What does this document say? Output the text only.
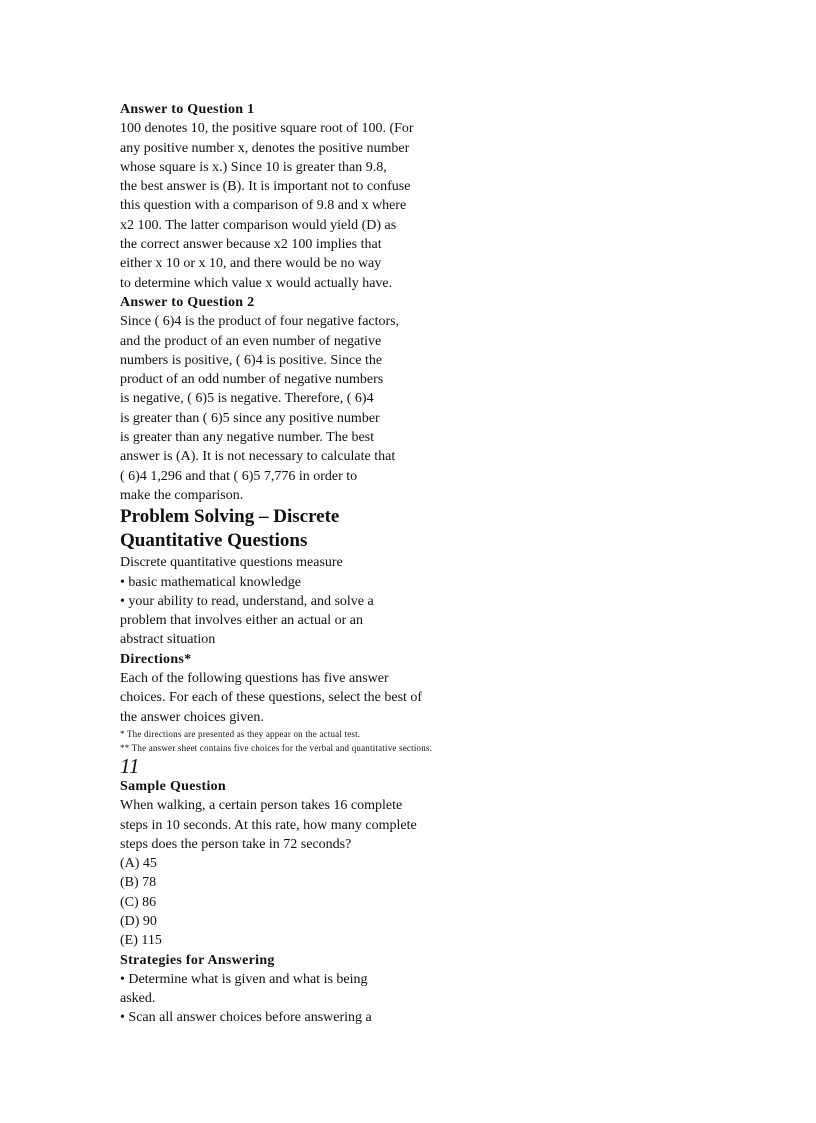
Answer to Question 1
100 denotes 10, the positive square root of 100. (For
any positive number x, denotes the positive number
whose square is x.) Since 10 is greater than 9.8,
the best answer is (B). It is important not to confuse
this question with a comparison of 9.8 and x where
x2 100. The latter comparison would yield (D) as
the correct answer because x2 100 implies that
either x 10 or x 10, and there would be no way
to determine which value x would actually have.
Answer to Question 2
Since ( 6)4 is the product of four negative factors,
and the product of an even number of negative
numbers is positive, ( 6)4 is positive. Since the
product of an odd number of negative numbers
is negative, ( 6)5 is negative. Therefore, ( 6)4
is greater than ( 6)5 since any positive number
is greater than any negative number. The best
answer is (A). It is not necessary to calculate that
( 6)4 1,296 and that ( 6)5 7,776 in order to
make the comparison.
Problem Solving – Discrete
Quantitative Questions
Discrete quantitative questions measure
• basic mathematical knowledge
• your ability to read, understand, and solve a
problem that involves either an actual or an
abstract situation
Directions*
Each of the following questions has five answer
choices. For each of these questions, select the best of
the answer choices given.
* The directions are presented as they appear on the actual test.
** The answer sheet contains five choices for the verbal and quantitative sections.
11
Sample Question
When walking, a certain person takes 16 complete
steps in 10 seconds. At this rate, how many complete
steps does the person take in 72 seconds?
(A) 45
(B) 78
(C) 86
(D) 90
(E) 115
Strategies for Answering
• Determine what is given and what is being
asked.
• Scan all answer choices before answering a
